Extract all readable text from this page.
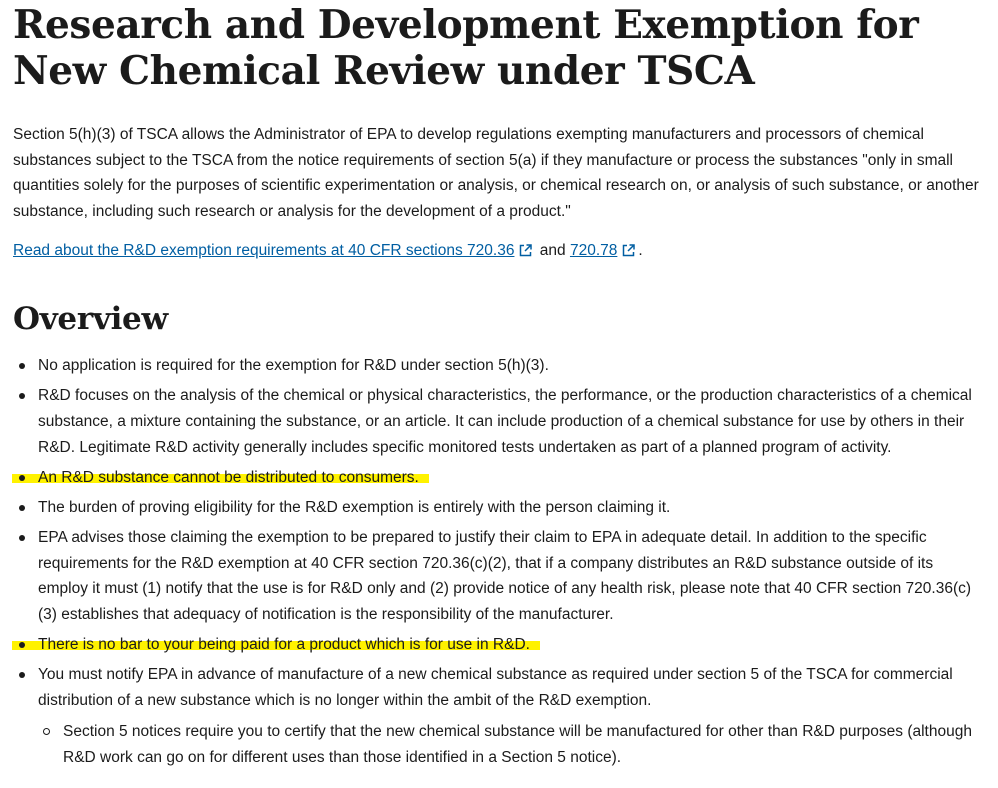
Research and Development Exemption for New Chemical Review under TSCA

Section 5(h)(3) of TSCA allows the Administrator of EPA to develop regulations exempting manufacturers and processors of chemical substances subject to the TSCA from the notice requirements of section 5(a) if they manufacture or process the substances "only in small quantities solely for the purposes of scientific experimentation or analysis, or chemical research on, or analysis of such substance, or another substance, including such research or analysis for the development of a product."

Read about the R&D exemption requirements at 40 CFR sections 720.36 and 720.78 .

Overview
No application is required for the exemption for R&D under section 5(h)(3).
R&D focuses on the analysis of the chemical or physical characteristics, the performance, or the production characteristics of a chemical substance, a mixture containing the substance, or an article. It can include production of a chemical substance for use by others in their R&D. Legitimate R&D activity generally includes specific monitored tests undertaken as part of a planned program of activity.
An R&D substance cannot be distributed to consumers.
The burden of proving eligibility for the R&D exemption is entirely with the person claiming it.
EPA advises those claiming the exemption to be prepared to justify their claim to EPA in adequate detail. In addition to the specific requirements for the R&D exemption at 40 CFR section 720.36(c)(2), that if a company distributes an R&D substance outside of its employ it must (1) notify that the use is for R&D only and (2) provide notice of any health risk, please note that 40 CFR section 720.36(c)(3) establishes that adequacy of notification is the responsibility of the manufacturer.
There is no bar to your being paid for a product which is for use in R&D.
You must notify EPA in advance of manufacture of a new chemical substance as required under section 5 of the TSCA for commercial distribution of a new substance which is no longer within the ambit of the R&D exemption.
Section 5 notices require you to certify that the new chemical substance will be manufactured for other than R&D purposes (although R&D work can go on for different uses than those identified in a Section 5 notice).
